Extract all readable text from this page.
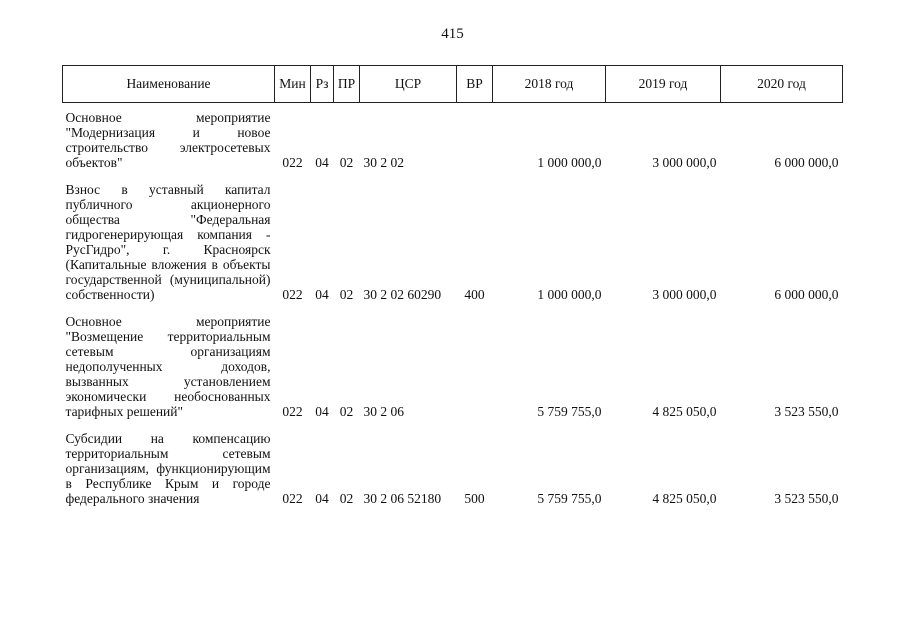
415
Наименование	Мин	Рз	ПР	ЦСР	ВР	2018 год	2019 год	2020 год
Основное мероприятие "Модернизация и новое строительство электросетевых объектов"	022	04	02	30 2 02		1 000 000,0	3 000 000,0	6 000 000,0
Взнос в уставный капитал публичного акционерного общества "Федеральная гидрогенерирующая компания - РусГидро", г. Красноярск (Капитальные вложения в объекты государственной (муниципальной) собственности)	022	04	02	30 2 02 60290	400	1 000 000,0	3 000 000,0	6 000 000,0
Основное мероприятие "Возмещение территориальным сетевым организациям недополученных доходов, вызванных установлением экономически необоснованных тарифных решений"	022	04	02	30 2 06		5 759 755,0	4 825 050,0	3 523 550,0
Субсидии на компенсацию территориальным сетевым организациям, функционирующим в Республике Крым и городе федерального значения	022	04	02	30 2 06 52180	500	5 759 755,0	4 825 050,0	3 523 550,0
